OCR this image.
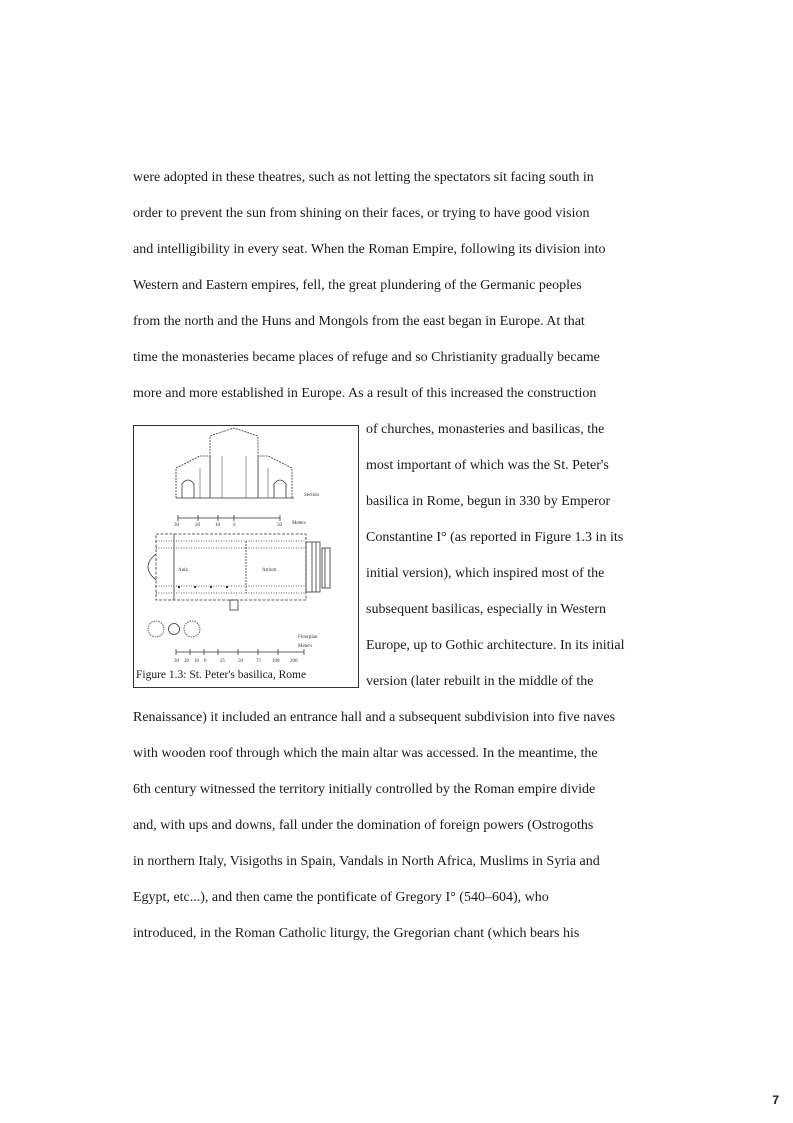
were adopted in these theatres, such as not letting the spectators sit facing south in
order to prevent the sun from shining on their faces, or trying to have good vision
and intelligibility in every seat. When the Roman Empire, following its division into
Western and Eastern empires, fell, the great plundering of the Germanic peoples
from the north and the Huns and Mongols from the east began in Europe. At that
time the monasteries became places of refuge and so Christianity gradually became
more and more established in Europe. As a result of this increased the construction
Section
Meters
30	20	10	0	50
Aula	Atrium
Floorplan
Meters
30 20 10 0	25	50	75 100 200
Figure 1.3: St. Peter's basilica, Rome
of churches, monasteries and basilicas, the
most important of which was the St. Peter's
basilica in Rome, begun in 330 by Emperor
Constantine I° (as reported in Figure 1.3 in its
initial version), which inspired most of the
subsequent basilicas, especially in Western
Europe, up to Gothic architecture. In its initial
version (later rebuilt in the middle of the
Renaissance) it included an entrance hall and a subsequent subdivision into five naves
with wooden roof through which the main altar was accessed. In the meantime, the
6th century witnessed the territory initially controlled by the Roman empire divide
and, with ups and downs, fall under the domination of foreign powers (Ostrogoths
in northern Italy, Visigoths in Spain, Vandals in North Africa, Muslims in Syria and
Egypt, etc...), and then came the pontificate of Gregory I° (540–604), who
introduced, in the Roman Catholic liturgy, the Gregorian chant (which bears his
7
